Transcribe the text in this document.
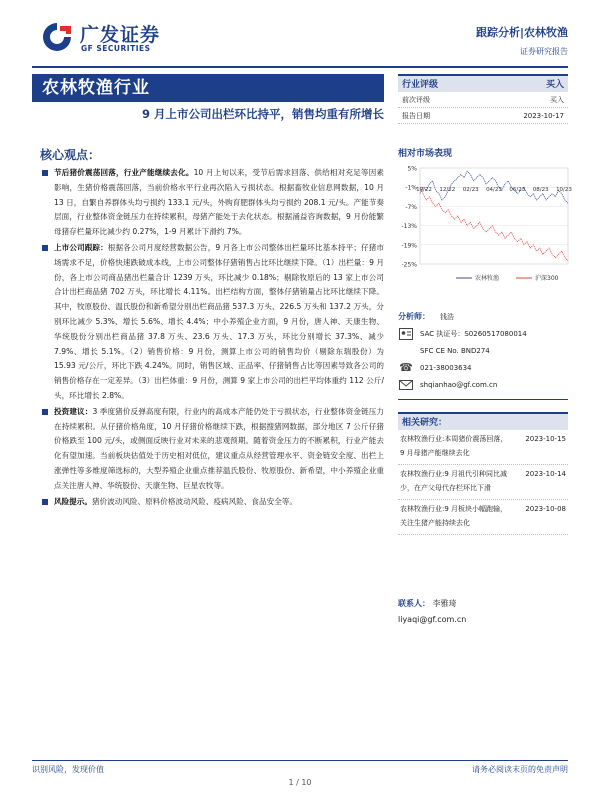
广发证券
GF SECURITIES
跟踪分析|农林牧渔
证券研究报告
农林牧渔行业
9 月上市公司出栏环比持平，销售均重有所增长
核心观点：

节后猪价震荡回落，行业产能继续去化。10 月上旬以来，受节后需求回落、供给相对充足等因素影响，生猪价格震荡回落，当前价格水平行业再次陷入亏损状态。根据畜牧业信息网数据，10 月 13 日，自繁自养群体头均亏损约 133.1 元/头，外购育肥群体头均亏损约 208.1 元/头。产能节奏层面，行业整体资金链压力在持续累积，母猪产能处于去化状态。根据涌益咨询数据，9 月份能繁母猪存栏量环比减少约 0.27%，1-9 月累计下滑约 7%。

上市公司跟踪：根据各公司月度经营数据公告，9 月各上市公司整体出栏量环比基本持平；仔猪市场需求不足，价格快速跌破成本线，上市公司整体仔猪销售占比环比继续下降。（1）出栏量：9 月份，各上市公司商品猪出栏量合计 1239 万头，环比减少 0.18%；剔除牧原后的 13 家上市公司合计出栏商品猪 702 万头，环比增长 4.11%。出栏结构方面，整体仔猪销量占比环比继续下降。其中，牧原股份、温氏股份和新希望分别出栏商品猪 537.3 万头、226.5 万头和 137.2 万头，分别环比减少 5.3%、增长 5.6%、增长 4.4%；中小养殖企业方面，9 月份，唐人神、天康生物、华统股份分别出栏商品猪 37.8 万头、23.6 万头、17.3 万头，环比分别增长 37.3%、减少 7.9%、增长 5.1%。（2）销售价格：9 月份，测算上市公司的销售均价（剔除东瑞股份）为 15.93 元/公斤，环比下跌 4.24%。同时，销售区域、正品率、仔猪销售占比等因素导致各公司的销售价格存在一定差异。（3）出栏体重：9 月份，测算 9 家上市公司的出栏平均体重约 112 公斤/头，环比增长 2.8%。

投资建议：3 季度猪价反弹高度有限，行业内的高成本产能仍处于亏损状态，行业整体资金链压力在持续累积。从仔猪价格角度，10 月仔猪价格继续下跌，根据搜猪网数据，部分地区 7 公斤仔猪价格跌至 100 元/头，或侧面反映行业对未来的悲观预期。随着资金压力的不断累积，行业产能去化有望加速。当前板块估值处于历史相对低位，建议重点从经营管理水平、资金链安全度、出栏上涨弹性等多维度筛选标的，大型养殖企业重点推荐温氏股份、牧原股份、新希望，中小养殖企业重点关注唐人神、华统股份、天康生物、巨星农牧等。

风险提示。猪价波动风险、原料价格波动风险、疫病风险、食品安全等。

行业评级	买入
前次评级	买入
报告日期	2023-10-17
相对市场表现
5%
-1%
-7%
-13%
-19%
-25%
10/22 12/22 02/23 04/23 06/23 08/23 10/23
农林牧渔	沪深300
分析师：	钱浩
SAC 执证号：S0260517080014
SFC CE No. BND274
☎ 021-38003634
shqianhao@gf.com.cn
相关研究：
农林牧渔行业:本周猪价震荡回落，9 月母猪产能继续去化
2023-10-15
农林牧渔行业:9 月祖代引种同比减少，在产父母代存栏环比下滑
2023-10-14
农林牧渔行业:9 月板块小幅跑输，关注生猪产能持续去化
2023-10-08
联系人： 李雅琦
liyaqi@gf.com.cn
识别风险，发现价值	请务必阅读末页的免责声明
1 / 10
